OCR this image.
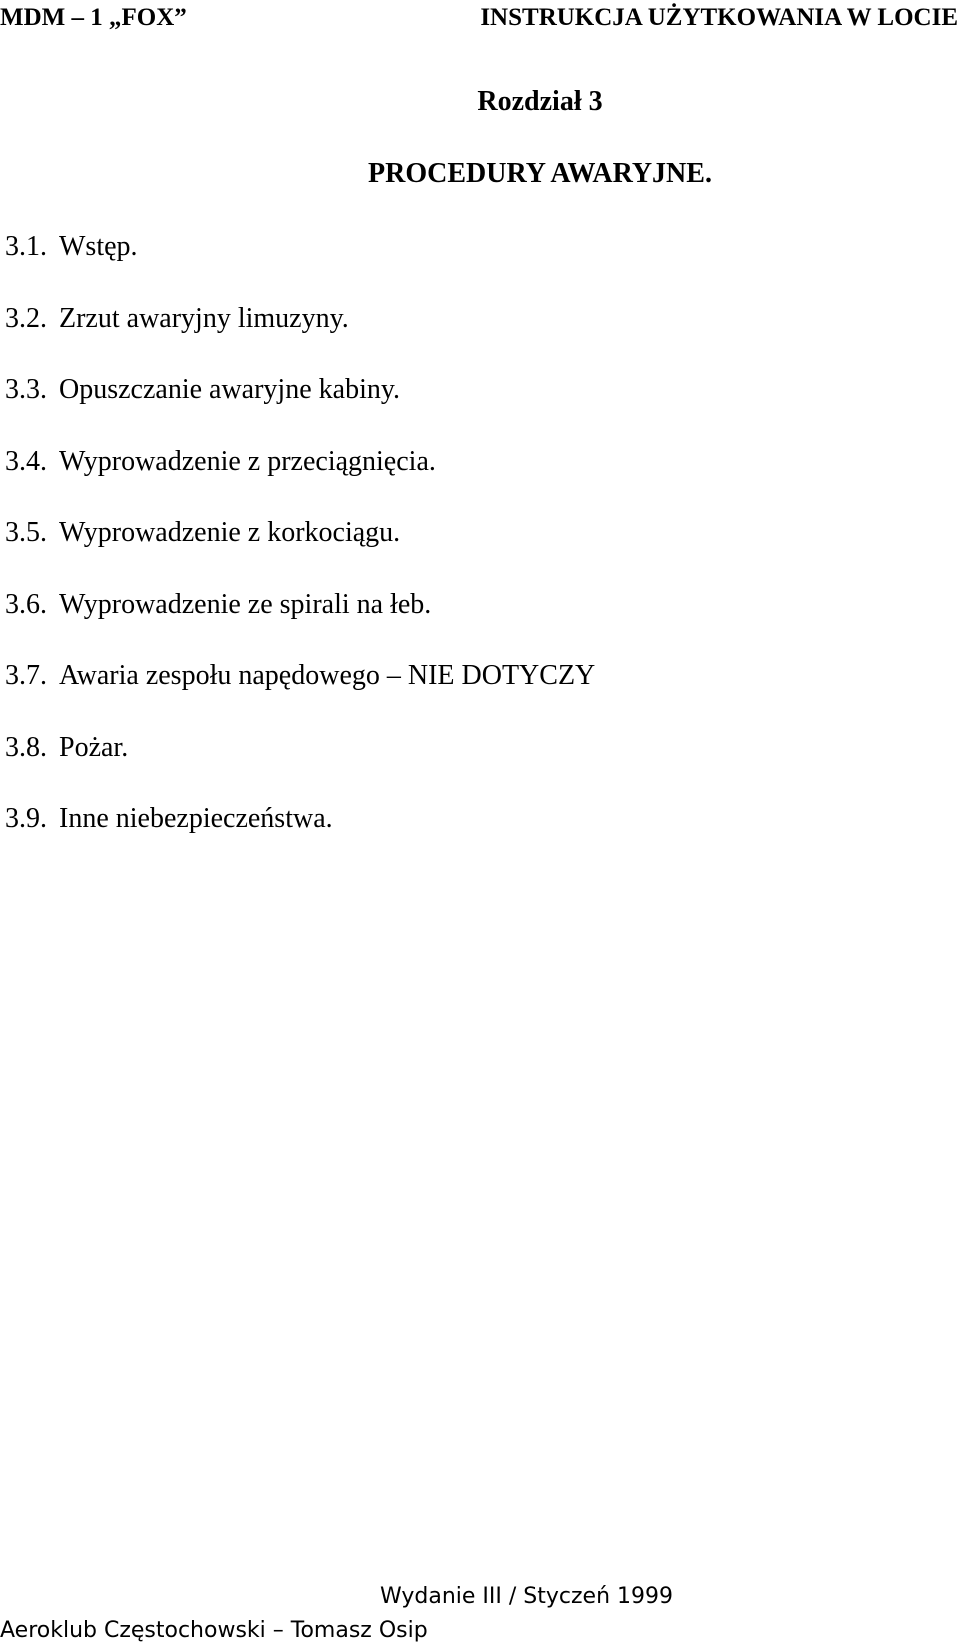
MDM – 1 „FOX”	INSTRUKCJA UŻYTKOWANIA W LOCIE
Rozdział 3
PROCEDURY AWARYJNE.
3.1. Wstęp.
3.2. Zrzut awaryjny limuzyny.
3.3. Opuszczanie awaryjne kabiny.
3.4. Wyprowadzenie z przeciągnięcia.
3.5. Wyprowadzenie z korkociągu.
3.6. Wyprowadzenie ze spirali na łeb.
3.7. Awaria zespołu napędowego – NIE DOTYCZY
3.8. Pożar.
3.9. Inne niebezpieczeństwa.
Wydanie III / Styczeń 1999
Aeroklub Częstochowski – Tomasz Osip
